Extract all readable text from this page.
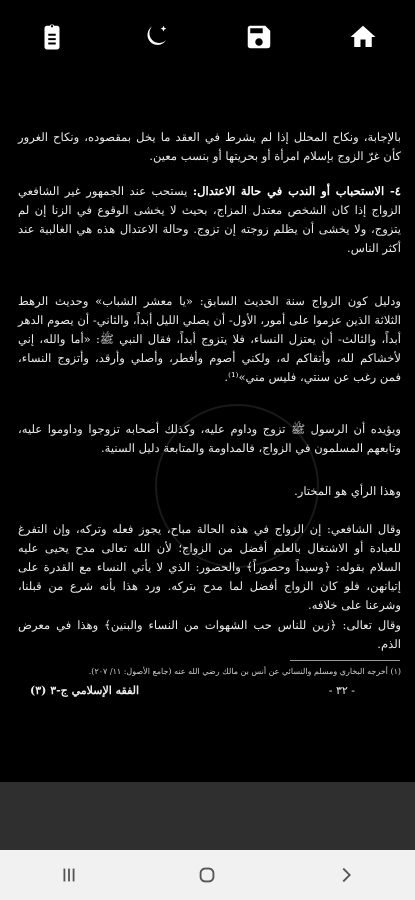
بالإجابة، ونكاح المحلل إذا لم يشرط في العقد ما يخل بمقصوده، ونكاح الغرور كأن غرّ الزوج بإسلام امرأة أو بحريتها أو بنسب معين.
٤- الاستحباب أو الندب في حالة الاعتدال: يستحب عند الجمهور غير الشافعي الزواج إذا كان الشخص معتدل المزاج، بحيث لا يخشى الوقوع في الزنا إن لم يتزوج، ولا يخشى أن يظلم زوجته إن تزوج. وحالة الاعتدال هذه هي الغالبية عند أكثر الناس.
ودليل كون الزواج سنة الحديث السابق: «يا معشر الشباب» وحديث الرهط الثلاثة الذين عزموا على أمور، الأول- أن يصلي الليل أبداً، والثاني- أن يصوم الدهر أبداً، والثالث- أن يعتزل النساء، فلا يتزوج أبداً، فقال النبي ﷺ: «أما والله، إني لأخشاكم لله، وأتقاكم له، ولكني أصوم وأفطر، وأصلي وأرقد، وأتزوج النساء، فمن رغب عن سنتي، فليس مني»⁽¹⁾.
ويؤيده أن الرسول ﷺ تزوج وداوم عليه، وكذلك أصحابه تزوجوا وداوموا عليه، وتابعهم المسلمون في الزواج، فالمداومة والمتابعة دليل السنية.
وهذا الرأي هو المختار.
وقال الشافعي: إن الزواج في هذه الحالة مباح، يجوز فعله وتركه، وإن التفرغ للعبادة أو الاشتغال بالعلم أفضل من الزواج؛ لأن الله تعالى مدح يحيى عليه السلام بقوله: ﴿وسيداً وحصوراً﴾ والحصور: الذي لا يأتي النساء مع القدرة على إتيانهن، فلو كان الزواج أفضل لما مدح بتركه. ورد هذا بأنه شرع من قبلنا، وشرعنا على خلافه.
وقال تعالى: ﴿زين للناس حب الشهوات من النساء والبنين﴾ وهذا في معرض الذم.
(١) أخرجه البخاري ومسلم والنسائي عن أنس بن مالك رضي الله عنه (جامع الأصول: ١١/ ٢٠٧).
- ٣٢ -
الفقه الإسلامي ج-٣ (٣)
